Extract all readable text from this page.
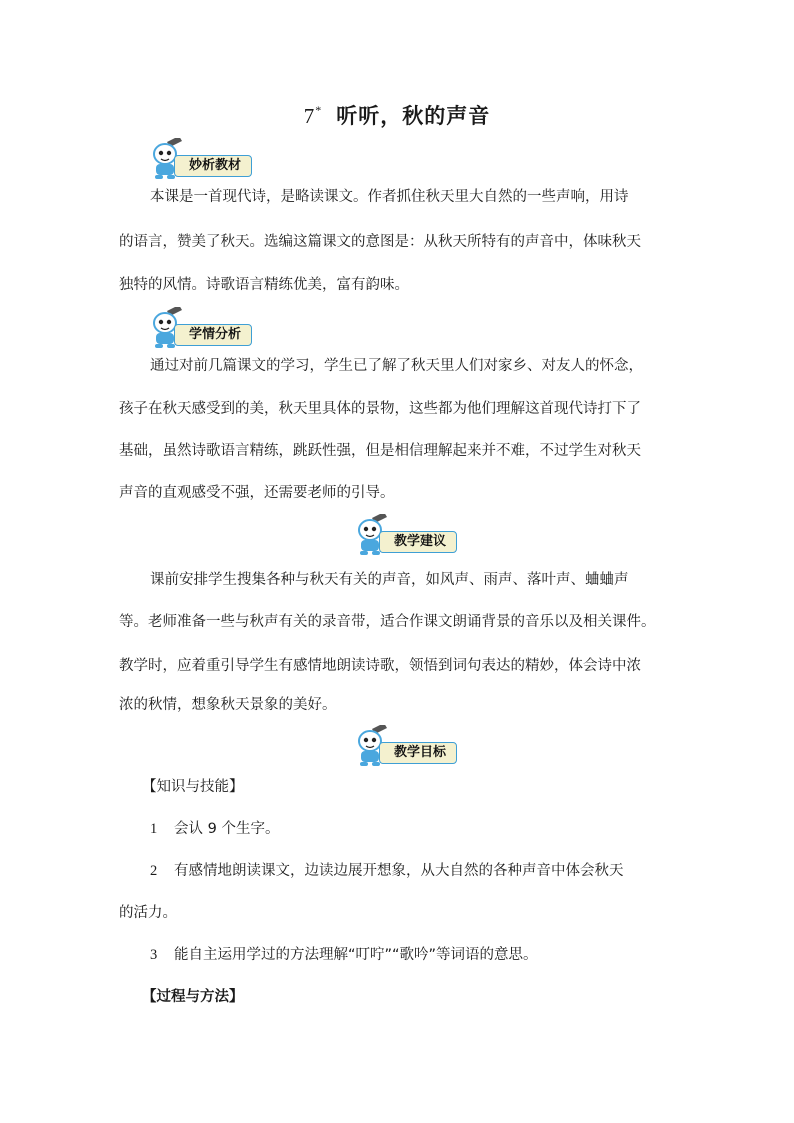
7* 听听，秋的声音
妙析教材
本课是一首现代诗，是略读课文。作者抓住秋天里大自然的一些声响，用诗
的语言，赞美了秋天。选编这篇课文的意图是：从秋天所特有的声音中，体味秋天
独特的风情。诗歌语言精练优美，富有韵味。
学情分析
通过对前几篇课文的学习，学生已了解了秋天里人们对家乡、对友人的怀念，
孩子在秋天感受到的美，秋天里具体的景物，这些都为他们理解这首现代诗打下了
基础，虽然诗歌语言精练，跳跃性强，但是相信理解起来并不难，不过学生对秋天
声音的直观感受不强，还需要老师的引导。
教学建议
课前安排学生搜集各种与秋天有关的声音，如风声、雨声、落叶声、蛐蛐声
等。老师准备一些与秋声有关的录音带，适合作课文朗诵背景的音乐以及相关课件。
教学时，应着重引导学生有感情地朗读诗歌，领悟到词句表达的精妙，体会诗中浓
浓的秋情，想象秋天景象的美好。
教学目标
【知识与技能】
1 会认 9 个生字。
2 有感情地朗读课文，边读边展开想象，从大自然的各种声音中体会秋天
的活力。
3 能自主运用学过的方法理解“叮咛”“歌吟”等词语的意思。
【过程与方法】
